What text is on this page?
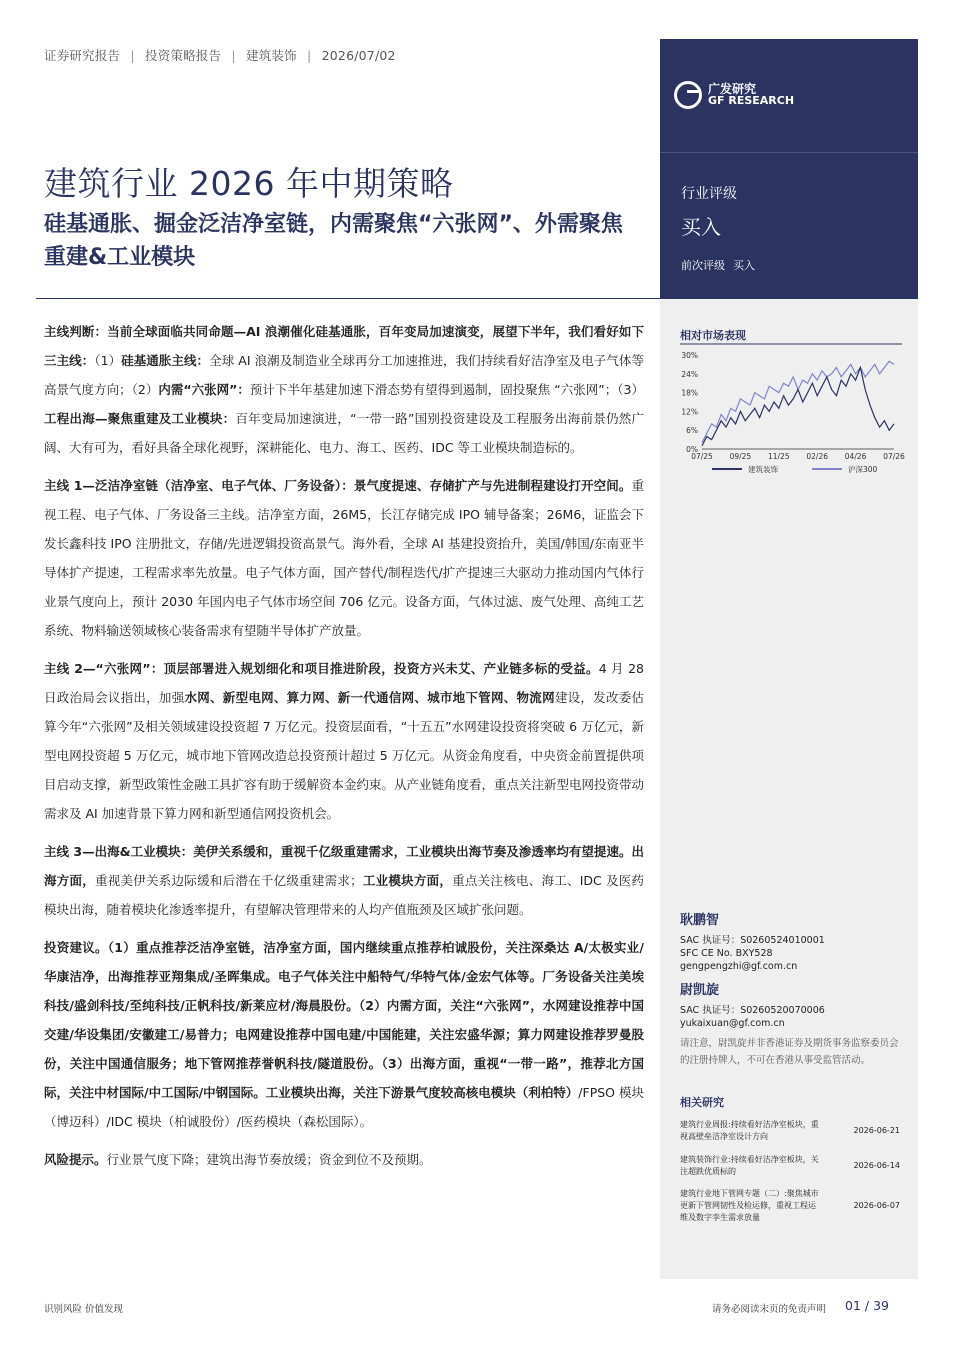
证券研究报告 | 投资策略报告 | 建筑装饰 | 2026/07/02
建筑行业 2026 年中期策略
硅基通胀、掘金泛洁净室链，内需聚焦“六张网”、外需聚焦重建&工业模块
广发研究
GF RESEARCH
行业评级
买入
前次评级 买入
相对市场表现
0%
6%
12%
18%
24%
30%
07/25 09/25 11/25 02/26 04/26 07/26
建筑装饰	沪深300
耿鹏智
SAC 执证号：S0260524010001
SFC CE No. BXY528
gengpengzhi@gf.com.cn
尉凯旋
SAC 执证号：S0260520070006
yukaixuan@gf.com.cn
请注意，尉凯旋并非香港证券及期货事务监察委员会的注册持牌人，不可在香港从事受监管活动。
相关研究
建筑行业周报:持续看好洁净室板块，重视高壁垒洁净室设计方向
2026-06-21
建筑装饰行业:持续看好洁净室板块，关注超跌优质标的
2026-06-14
建筑行业地下管网专题（二）:聚焦城市更新下管网韧性及检运修，重视工程运维及数字孪生需求放量
2026-06-07

主线判断：当前全球面临共同命题—AI 浪潮催化硅基通胀，百年变局加速演变，展望下半年，我们看好如下三主线：（1）硅基通胀主线：全球 AI 浪潮及制造业全球再分工加速推进，我们持续看好洁净室及电子气体等高景气度方向；（2）内需“六张网”：预计下半年基建加速下滑态势有望得到遏制，固投聚焦 “六张网”；（3）工程出海—聚焦重建及工业模块：百年变局加速演进，“一带一路”国别投资建设及工程服务出海前景仍然广阔、大有可为，看好具备全球化视野，深耕能化、电力、海工、医药、IDC 等工业模块制造标的。

主线 1—泛洁净室链（洁净室、电子气体、厂务设备）：景气度提速、存储扩产与先进制程建设打开空间。重视工程、电子气体、厂务设备三主线。洁净室方面，26M5，长江存储完成 IPO 辅导备案；26M6，证监会下发长鑫科技 IPO 注册批文，存储/先进逻辑投资高景气。海外看，全球 AI 基建投资抬升，美国/韩国/东南亚半导体扩产提速，工程需求率先放量。电子气体方面，国产替代/制程迭代/扩产提速三大驱动力推动国内气体行业景气度向上，预计 2030 年国内电子气体市场空间 706 亿元。设备方面，气体过滤、废气处理、高纯工艺系统、物料输送领域核心装备需求有望随半导体扩产放量。

主线 2—“六张网”：顶层部署进入规划细化和项目推进阶段，投资方兴未艾、产业链多标的受益。4 月 28 日政治局会议指出，加强水网、新型电网、算力网、新一代通信网、城市地下管网、物流网建设，发改委估算今年“六张网”及相关领域建设投资超 7 万亿元。投资层面看，“十五五”水网建设投资将突破 6 万亿元，新型电网投资超 5 万亿元，城市地下管网改造总投资预计超过 5 万亿元。从资金角度看，中央资金前置提供项目启动支撑，新型政策性金融工具扩容有助于缓解资本金约束。从产业链角度看，重点关注新型电网投资带动需求及 AI 加速背景下算力网和新型通信网投资机会。

主线 3—出海&工业模块：美伊关系缓和，重视千亿级重建需求，工业模块出海节奏及渗透率均有望提速。出海方面，重视美伊关系边际缓和后潜在千亿级重建需求；工业模块方面，重点关注核电、海工、IDC 及医药模块出海，随着模块化渗透率提升，有望解决管理带来的人均产值瓶颈及区域扩张问题。

投资建议。（1）重点推荐泛洁净室链，洁净室方面，国内继续重点推荐柏诚股份，关注深桑达 A/太极实业/华康洁净，出海推荐亚翔集成/圣晖集成。电子气体关注中船特气/华特气体/金宏气体等。厂务设备关注美埃科技/盛剑科技/至纯科技/正帆科技/新莱应材/海晨股份。（2）内需方面，关注“六张网”，水网建设推荐中国交建/华设集团/安徽建工/易普力；电网建设推荐中国电建/中国能建，关注宏盛华源；算力网建设推荐罗曼股份，关注中国通信服务；地下管网推荐誉帆科技/隧道股份。（3）出海方面，重视“一带一路”，推荐北方国际，关注中材国际/中工国际/中钢国际。工业模块出海，关注下游景气度较高核电模块（利柏特）/FPSO 模块（博迈科）/IDC 模块（柏诚股份）/医药模块（森松国际）。

风险提示。行业景气度下降；建筑出海节奏放缓；资金到位不及预期。

识别风险 价值发现	请务必阅读末页的免责声明 01 / 39
